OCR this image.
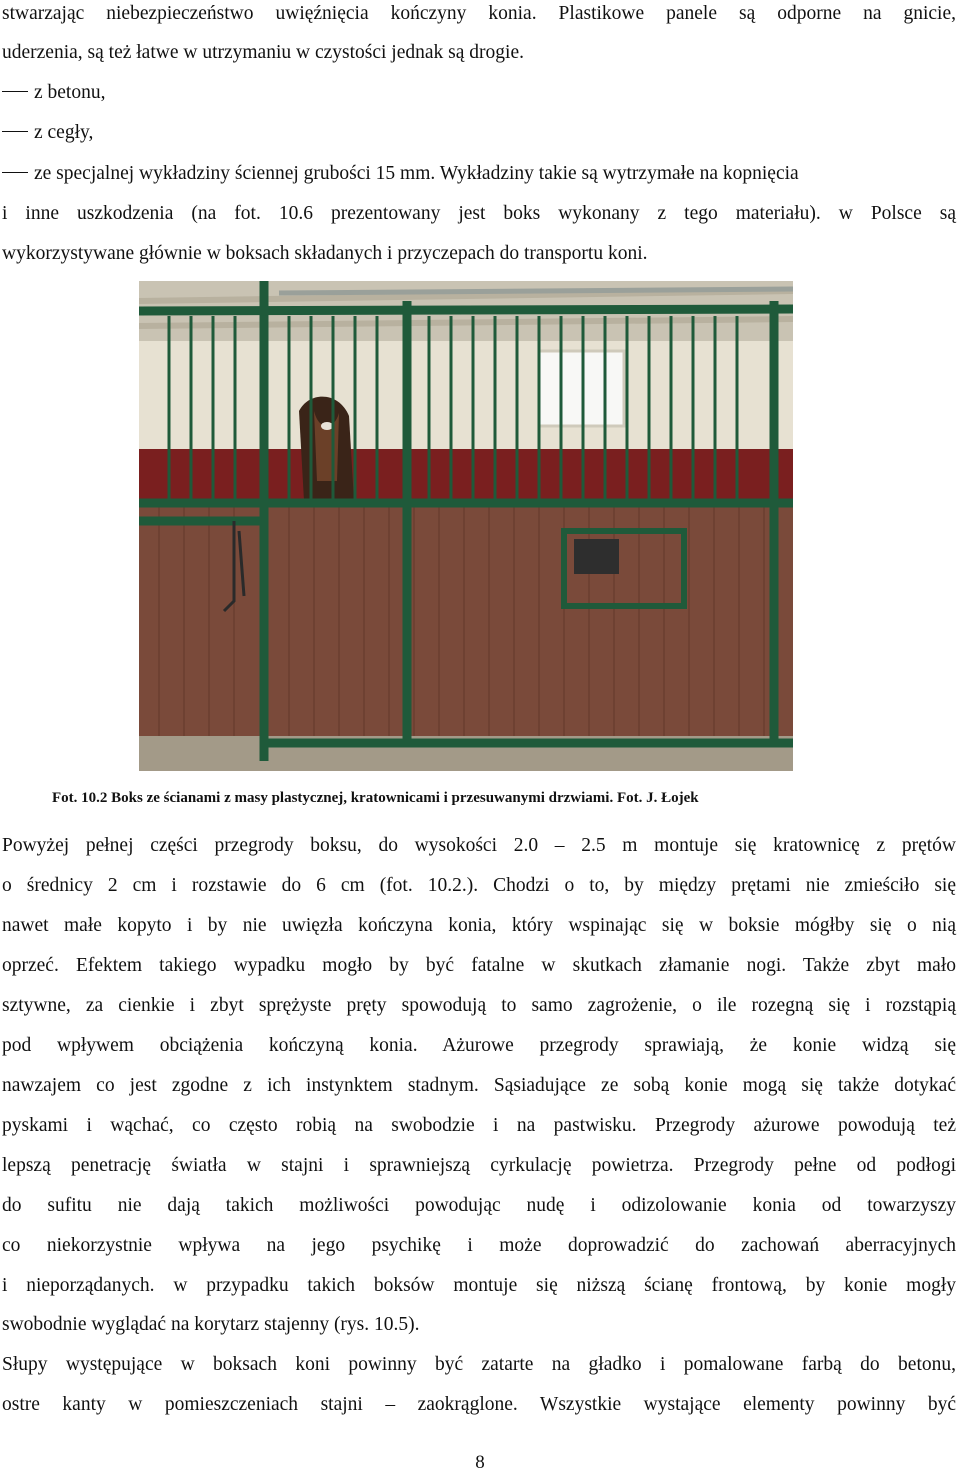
stwarzając niebezpieczeństwo uwięźnięcia kończyny konia. Plastikowe panele są odporne na gnicie,
uderzenia, są też łatwe w utrzymaniu w czystości jednak są drogie.
z betonu,
z cegły,
ze specjalnej wykładziny ściennej grubości 15 mm. Wykładziny takie są wytrzymałe na kopnięcia
i inne uszkodzenia (na fot. 10.6 prezentowany jest boks wykonany z tego materiału). w Polsce są
wykorzystywane głównie w boksach składanych i przyczepach do transportu koni.
Fot. 10.2 Boks ze ścianami z masy plastycznej, kratownicami i przesuwanymi drzwiami. Fot. J. Łojek
Powyżej pełnej części przegrody boksu, do wysokości 2.0 – 2.5 m montuje się kratownicę z prętów
o średnicy 2 cm i rozstawie do 6 cm (fot. 10.2.). Chodzi o to, by między prętami nie zmieściło się
nawet małe kopyto i by nie uwięzła kończyna konia, który wspinając się w boksie mógłby się o nią
oprzeć. Efektem takiego wypadku mogło by być fatalne w skutkach złamanie nogi. Także zbyt mało
sztywne, za cienkie i zbyt sprężyste pręty spowodują to samo zagrożenie, o ile rozegną się i rozstąpią
pod wpływem obciążenia kończyną konia. Ażurowe przegrody sprawiają, że konie widzą się
nawzajem co jest zgodne z ich instynktem stadnym. Sąsiadujące ze sobą konie mogą się także dotykać
pyskami i wąchać, co często robią na swobodzie i na pastwisku. Przegrody ażurowe powodują też
lepszą penetrację światła w stajni i sprawniejszą cyrkulację powietrza. Przegrody pełne od podłogi
do sufitu nie dają takich możliwości powodując nudę i odizolowanie konia od towarzyszy
co niekorzystnie wpływa na jego psychikę i może doprowadzić do zachowań aberracyjnych
i nieporządanych. w przypadku takich boksów montuje się niższą ścianę frontową, by konie mogły
swobodnie wyglądać na korytarz stajenny (rys. 10.5).
Słupy występujące w boksach koni powinny być zatarte na gładko i pomalowane farbą do betonu,
ostre kanty w pomieszczeniach stajni – zaokrąglone. Wszystkie wystające elementy powinny być
8
